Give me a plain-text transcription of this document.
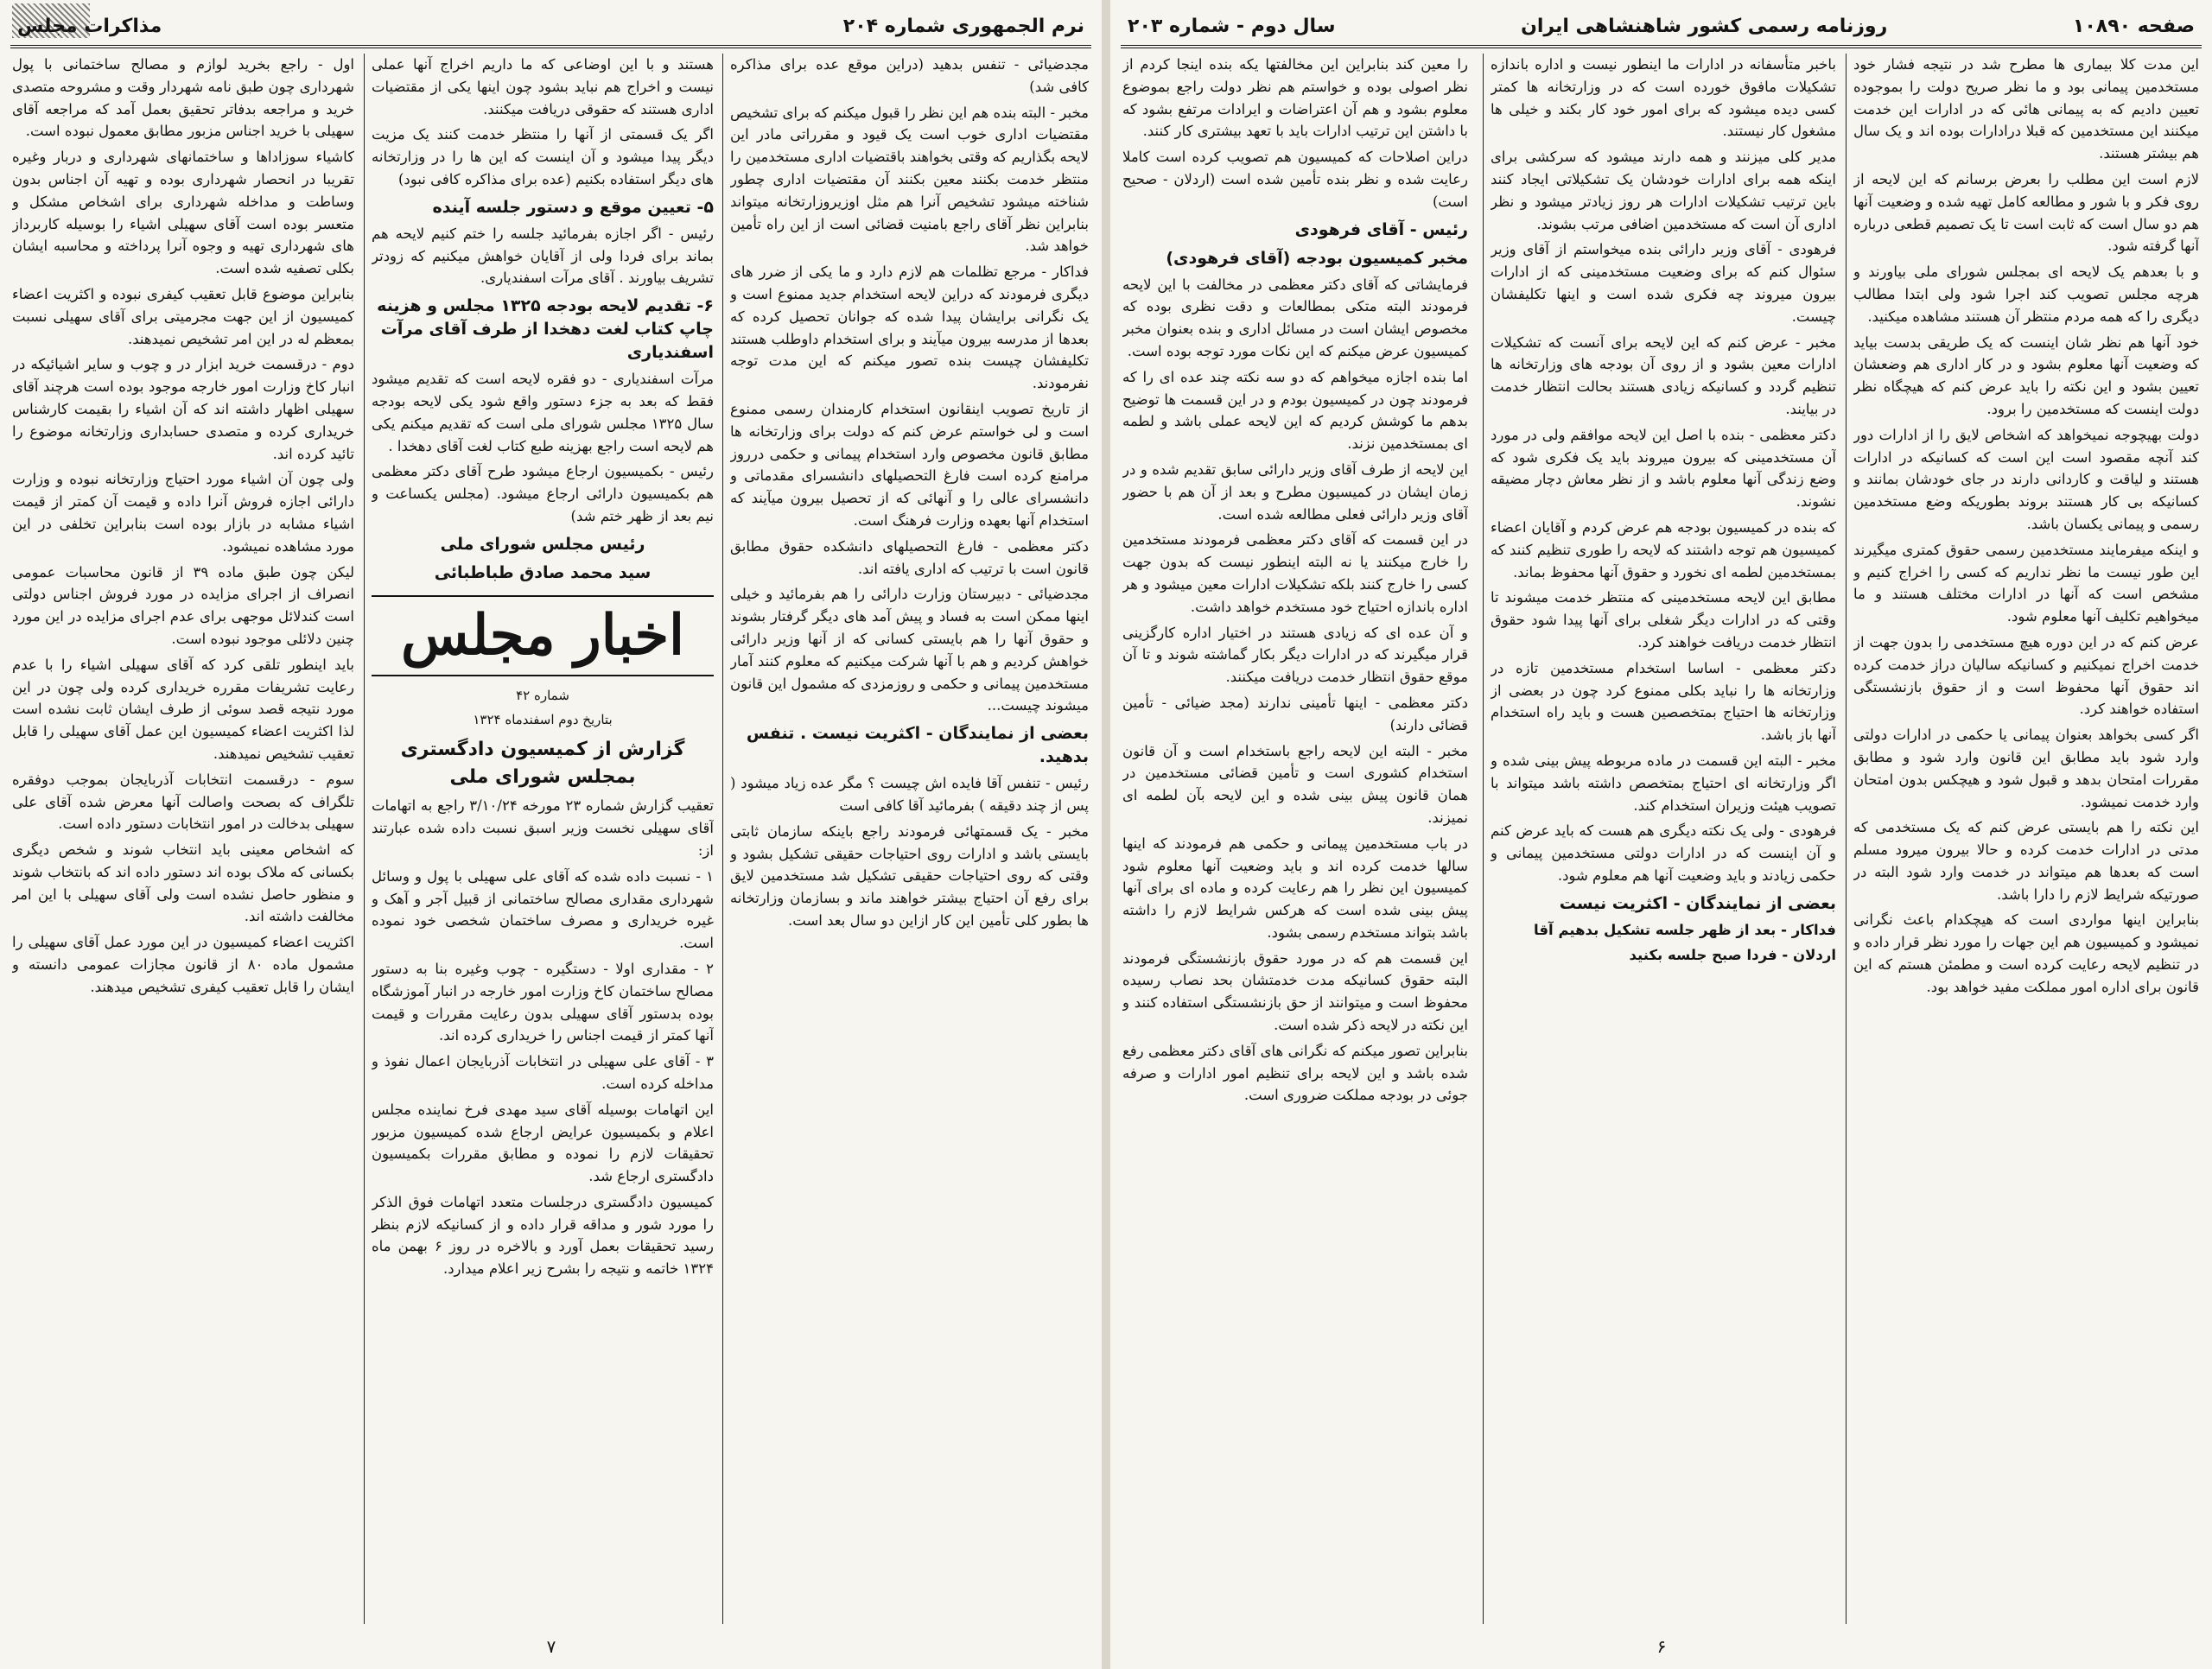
نرم الجمهوری شماره ۲۰۴
مذاکرات مجلس

مجدضیائی - تنفس بدهید (دراین موقع عده برای مذاکره کافی شد)

مخبر - البته بنده هم این نظر را قبول میکنم که برای تشخیص مقتضیات اداری خوب است یک قیود و مقرراتی مادر این لایحه بگذاریم که وقتی بخواهند باقتضیات اداری مستخدمین را منتظر خدمت بکنند معین بکنند آن مقتضیات اداری چطور شناخته میشود تشخیص آنرا هم مثل اوزیروزارتخانه میتواند بنابراین نظر آقای راجع بامنیت قضائی است از این راه تأمین خواهد شد.

فداکار - مرجع تظلمات هم لازم دارد و ما یکی از ضرر های دیگری فرمودند که دراین لایحه استخدام جدید ممنوع است و یک نگرانی برایشان پیدا شده که جوانان تحصیل کرده که بعدها از مدرسه بیرون میآیند و برای استخدام داوطلب هستند تکلیفشان چیست بنده تصور میکنم که این مدت توجه نفرمودند.

از تاریخ تصویب اینقانون استخدام کارمندان رسمی ممنوع است و لی خواستم عرض کنم که دولت برای وزارتخانه ها مطابق قانون مخصوص وارد استخدام پیمانی و حکمی درروز مرامنع کرده است فارغ التحصیلهای دانشسرای مقدماتی و دانشسرای عالی را و آنهائی که از تحصیل بیرون میآیند که استخدام آنها بعهده وزارت فرهنگ است.

دکتر معظمی - فارغ التحصیلهای دانشکده حقوق مطابق قانون است با ترتیب که اداری یافته اند.

مجدضیائی - دبیرستان وزارت دارائی را هم بفرمائید و خیلی اینها ممکن است به فساد و پیش آمد های دیگر گرفتار بشوند و حقوق آنها را هم بایستی کسانی که از آنها وزیر دارائی خواهش کردیم و هم با آنها شرکت میکنیم که معلوم کنند آمار مستخدمین پیمانی و حکمی و روزمزدی که مشمول این قانون میشوند چیست...

بعضی از نمایندگان - اکثریت نیست . تنفس بدهید.

رئیس - تنفس آقا فایده اش چیست ؟ مگر عده زیاد میشود ( پس از چند دقیقه ) بفرمائید آقا کافی است

مخبر - یک قسمتهائی فرمودند راجع باینکه سازمان ثابتی بایستی باشد و ادارات روی احتیاجات حقیقی تشکیل بشود و وقتی که روی احتیاجات حقیقی تشکیل شد مستخدمین لایق برای رفع آن احتیاج بیشتر خواهند ماند و بسازمان وزارتخانه ها بطور کلی تأمین این کار ازاین دو سال بعد است.

هستند و با این اوضاعی که ما داریم اخراج آنها عملی نیست و اخراج هم نباید بشود چون اینها یکی از مقتضیات اداری هستند که حقوقی دریافت میکنند.

اگر یک قسمتی از آنها را منتظر خدمت کنند یک مزیت دیگر پیدا میشود و آن اینست که این ها را در وزارتخانه های دیگر استفاده بکنیم (عده برای مذاکره کافی نبود)

۵- تعیین موقع و دستور جلسه آینده

رئیس - اگر اجازه بفرمائید جلسه را ختم کنیم لایحه هم بماند برای فردا ولی از آقایان خواهش میکنیم که زودتر تشریف بیاورند . آقای مرآت اسفندیاری.

۶- تقدیم لایحه بودجه ۱۳۲۵ مجلس و هزینه چاپ کتاب لغت دهخدا از طرف آقای مرآت اسفندیاری

مرآت اسفندیاری - دو فقره لایحه است که تقدیم میشود فقط که بعد به جزء دستور واقع شود یکی لایحه بودجه سال ۱۳۲۵ مجلس شورای ملی است که تقدیم میکنم یکی هم لایحه است راجع بهزینه طبع کتاب لغت آقای دهخدا .

رئیس - بکمیسیون ارجاع میشود طرح آقای دکتر معظمی هم بکمیسیون دارائی ارجاع میشود. (مجلس یکساعت و نیم بعد از ظهر ختم شد)

رئیس مجلس شورای ملی
سید محمد صادق طباطبائی
اخبار مجلس
شماره ۴۲
بتاریخ دوم اسفندماه ۱۳۲۴
گزارش از کمیسیون دادگستری بمجلس شورای ملی

تعقیب گزارش شماره ۲۳ مورخه ۳/۱۰/۲۴ راجع به اتهامات آقای سهیلی نخست وزیر اسبق نسبت داده شده عبارتند از:

۱ - نسبت داده شده که آقای علی سهیلی با پول و وسائل شهرداری مقداری مصالح ساختمانی از قبیل آجر و آهک و غیره خریداری و مصرف ساختمان شخصی خود نموده است.

۲ - مقداری اولا - دستگیره - چوب وغیره بنا به دستور مصالح ساختمان کاخ وزارت امور خارجه در انبار آموزشگاه بوده بدستور آقای سهیلی بدون رعایت مقررات و قیمت آنها کمتر از قیمت اجناس را خریداری کرده اند.

۳ - آقای علی سهیلی در انتخابات آذربایجان اعمال نفوذ و مداخله کرده است.

این اتهامات بوسیله آقای سید مهدی فرخ نماینده مجلس اعلام و بکمیسیون عرایض ارجاع شده کمیسیون مزبور تحقیقات لازم را نموده و مطابق مقررات بکمیسیون دادگستری ارجاع شد.

کمیسیون دادگستری درجلسات متعدد اتهامات فوق الذکر را مورد شور و مداقه قرار داده و از کسانیکه لازم بنظر رسید تحقیقات بعمل آورد و بالاخره در روز ۶ بهمن ماه ۱۳۲۴ خاتمه و نتیجه را بشرح زیر اعلام میدارد.

اول - راجع بخرید لوازم و مصالح ساختمانی با پول شهرداری چون طبق نامه شهردار وقت و مشروحه متصدی خرید و مراجعه بدفاتر تحقیق بعمل آمد که مراجعه آقای سهیلی با خرید اجناس مزبور مطابق معمول نبوده است.

کاشیاء سوزاداها و ساختمانهای شهرداری و دربار وغیره تقریبا در انحصار شهرداری بوده و تهیه آن اجناس بدون وساطت و مداخله شهرداری برای اشخاص مشکل و متعسر بوده است آقای سهیلی اشیاء را بوسیله کاربرداز های شهرداری تهیه و وجوه آنرا پرداخته و محاسبه ایشان بکلی تصفیه شده است.

بنابراین موضوع قابل تعقیب کیفری نبوده و اکثریت اعضاء کمیسیون از این جهت مجرمیتی برای آقای سهیلی نسبت بمعظم له در این امر تشخیص نمیدهند.

دوم - درقسمت خرید ابزار در و چوب و سایر اشیائیکه در انبار کاخ وزارت امور خارجه موجود بوده است هرچند آقای سهیلی اظهار داشته اند که آن اشیاء را بقیمت کارشناس خریداری کرده و متصدی حسابداری وزارتخانه موضوع را تائید کرده اند.

ولی چون آن اشیاء مورد احتیاج وزارتخانه نبوده و وزارت دارائی اجازه فروش آنرا داده و قیمت آن کمتر از قیمت اشیاء مشابه در بازار بوده است بنابراین تخلفی در این مورد مشاهده نمیشود.

لیکن چون طبق ماده ۳۹ از قانون محاسبات عمومی انصراف از اجرای مزایده در مورد فروش اجناس دولتی است کندلائل موجهی برای عدم اجرای مزایده در این مورد چنین دلائلی موجود نبوده است.

باید اینطور تلقی کرد که آقای سهیلی اشیاء را با عدم رعایت تشریفات مقرره خریداری کرده ولی چون در این مورد نتیجه قصد سوئی از طرف ایشان ثابت نشده است لذا اکثریت اعضاء کمیسیون این عمل آقای سهیلی را قابل تعقیب تشخیص نمیدهند.

سوم - درقسمت انتخابات آذربایجان بموجب دوفقره تلگراف که بصحت واصالت آنها معرض شده آقای علی سهیلی بدخالت در امور انتخابات دستور داده است.

که اشخاص معینی باید انتخاب شوند و شخص دیگری بکسانی که ملاک بوده اند دستور داده اند که بانتخاب شوند و منظور حاصل نشده است ولی آقای سهیلی با این امر مخالفت داشته اند.

اکثریت اعضاء کمیسیون در این مورد عمل آقای سهیلی را مشمول ماده ۸۰ از قانون مجازات عمومی دانسته و ایشان را قابل تعقیب کیفری تشخیص میدهند.

۷
صفحه ۱۰۸۹۰
روزنامه رسمی کشور شاهنشاهی ایران
سال دوم - شماره ۲۰۳

این مدت کلا بیماری ها مطرح شد در نتیجه فشار خود مستخدمین پیمانی بود و ما نظر صریح دولت را بموجوده تعیین دادیم که به پیمانی هائی که در ادارات این خدمت میکنند این مستخدمین که قبلا درادارات بوده اند و یک سال هم بیشتر هستند.

لازم است این مطلب را بعرض برسانم که این لایحه از روی فکر و با شور و مطالعه کامل تهیه شده و وضعیت آنها هم دو سال است که ثابت است تا یک تصمیم قطعی درباره آنها گرفته شود.

و با بعدهم یک لایحه ای بمجلس شورای ملی بیاورند و هرچه مجلس تصویب کند اجرا شود ولی ابتدا مطالب دیگری را که همه مردم منتظر آن هستند مشاهده میکنید.

خود آنها هم نظر شان اینست که یک طریقی بدست بیاید که وضعیت آنها معلوم بشود و در کار اداری هم وضعشان تعیین بشود و این نکته را باید عرض کنم که هیچگاه نظر دولت اینست که مستخدمین را برود.

دولت بهیچوجه نمیخواهد که اشخاص لایق را از ادارات دور کند آنچه مقصود است این است که کسانیکه در ادارات هستند و لیاقت و کاردانی دارند در جای خودشان بمانند و کسانیکه بی کار هستند بروند بطوریکه وضع مستخدمین رسمی و پیمانی یکسان باشد.

و اینکه میفرمایند مستخدمین رسمی حقوق کمتری میگیرند این طور نیست ما نظر نداریم که کسی را اخراج کنیم و مشخص است که آنها در ادارات مختلف هستند و ما میخواهیم تکلیف آنها معلوم شود.

عرض کنم که در این دوره هیچ مستخدمی را بدون جهت از خدمت اخراج نمیکنیم و کسانیکه سالیان دراز خدمت کرده اند حقوق آنها محفوظ است و از حقوق بازنشستگی استفاده خواهند کرد.

اگر کسی بخواهد بعنوان پیمانی یا حکمی در ادارات دولتی وارد شود باید مطابق این قانون وارد شود و مطابق مقررات امتحان بدهد و قبول شود و هیچکس بدون امتحان وارد خدمت نمیشود.

این نکته را هم بایستی عرض کنم که یک مستخدمی که مدتی در ادارات خدمت کرده و حالا بیرون میرود مسلم است که بعدها هم میتواند در خدمت وارد شود البته در صورتیکه شرایط لازم را دارا باشد.

بنابراین اینها مواردی است که هیچکدام باعث نگرانی نمیشود و کمیسیون هم این جهات را مورد نظر قرار داده و در تنظیم لایحه رعایت کرده است و مطمئن هستم که این قانون برای اداره امور مملکت مفید خواهد بود.

باخبر متأسفانه در ادارات ما اینطور نیست و اداره باندازه تشکیلات مافوق خورده است که در وزارتخانه ها کمتر کسی دیده میشود که برای امور خود کار بکند و خیلی ها مشغول کار نیستند.

مدیر کلی میزنند و همه دارند میشود که سرکشی برای اینکه همه برای ادارات خودشان یک تشکیلاتی ایجاد کنند باین ترتیب تشکیلات ادارات هر روز زیادتر میشود و نظر اداری آن است که مستخدمین اضافی مرتب بشوند.

فرهودی - آقای وزیر دارائی بنده میخواستم از آقای وزیر سئوال کنم که برای وضعیت مستخدمینی که از ادارات بیرون میروند چه فکری شده است و اینها تکلیفشان چیست.

مخبر - عرض کنم که این لایحه برای آنست که تشکیلات ادارات معین بشود و از روی آن بودجه های وزارتخانه ها تنظیم گردد و کسانیکه زیادی هستند بحالت انتظار خدمت در بیایند.

دکتر معظمی - بنده با اصل این لایحه موافقم ولی در مورد آن مستخدمینی که بیرون میروند باید یک فکری شود که وضع زندگی آنها معلوم باشد و از نظر معاش دچار مضیقه نشوند.

که بنده در کمیسیون بودجه هم عرض کردم و آقایان اعضاء کمیسیون هم توجه داشتند که لایحه را طوری تنظیم کنند که بمستخدمین لطمه ای نخورد و حقوق آنها محفوظ بماند.

مطابق این لایحه مستخدمینی که منتظر خدمت میشوند تا وقتی که در ادارات دیگر شغلی برای آنها پیدا شود حقوق انتظار خدمت دریافت خواهند کرد.

دکتر معظمی - اساسا استخدام مستخدمین تازه در وزارتخانه ها را نباید بکلی ممنوع کرد چون در بعضی از وزارتخانه ها احتیاج بمتخصصین هست و باید راه استخدام آنها باز باشد.

مخبر - البته این قسمت در ماده مربوطه پیش بینی شده و اگر وزارتخانه ای احتیاج بمتخصص داشته باشد میتواند با تصویب هیئت وزیران استخدام کند.

فرهودی - ولی یک نکته دیگری هم هست که باید عرض کنم و آن اینست که در ادارات دولتی مستخدمین پیمانی و حکمی زیادند و باید وضعیت آنها هم معلوم شود.

بعضی از نمایندگان - اکثریت نیست

فداکار - بعد از ظهر جلسه تشکیل بدهیم آقا

اردلان - فردا صبح جلسه بکنید

را معین کند بنابراین این مخالفتها یکه بنده اینجا کردم از نظر اصولی بوده و خواستم هم نظر دولت راجع بموضوع معلوم بشود و هم آن اعتراضات و ایرادات مرتفع بشود که با داشتن این ترتیب ادارات باید با تعهد بیشتری کار کنند.

دراین اصلاحات که کمیسیون هم تصویب کرده است کاملا رعایت شده و نظر بنده تأمین شده است (اردلان - صحیح است)

رئیس - آقای فرهودی
مخبر کمیسیون بودجه (آقای فرهودی)

فرمایشاتی که آقای دکتر معظمی در مخالفت با این لایحه فرمودند البته متکی بمطالعات و دقت نظری بوده که مخصوص ایشان است در مسائل اداری و بنده بعنوان مخبر کمیسیون عرض میکنم که این نکات مورد توجه بوده است.

اما بنده اجازه میخواهم که دو سه نکته چند عده ای را که فرمودند چون در کمیسیون بودم و در این قسمت ها توضیح بدهم ما کوشش کردیم که این لایحه عملی باشد و لطمه ای بمستخدمین نزند.

این لایحه از طرف آقای وزیر دارائی سابق تقدیم شده و در زمان ایشان در کمیسیون مطرح و بعد از آن هم با حضور آقای وزیر دارائی فعلی مطالعه شده است.

در این قسمت که آقای دکتر معظمی فرمودند مستخدمین را خارج میکنند یا نه البته اینطور نیست که بدون جهت کسی را خارج کنند بلکه تشکیلات ادارات معین میشود و هر اداره باندازه احتیاج خود مستخدم خواهد داشت.

و آن عده ای که زیادی هستند در اختیار اداره کارگزینی قرار میگیرند که در ادارات دیگر بکار گماشته شوند و تا آن موقع حقوق انتظار خدمت دریافت میکنند.

دکتر معظمی - اینها تأمینی ندارند (مجد ضیائی - تأمین قضائی دارند)

مخبر - البته این لایحه راجع باستخدام است و آن قانون استخدام کشوری است و تأمین قضائی مستخدمین در همان قانون پیش بینی شده و این لایحه بآن لطمه ای نمیزند.

در باب مستخدمین پیمانی و حکمی هم فرمودند که اینها سالها خدمت کرده اند و باید وضعیت آنها معلوم شود کمیسیون این نظر را هم رعایت کرده و ماده ای برای آنها پیش بینی شده است که هرکس شرایط لازم را داشته باشد بتواند مستخدم رسمی بشود.

این قسمت هم که در مورد حقوق بازنشستگی فرمودند البته حقوق کسانیکه مدت خدمتشان بحد نصاب رسیده محفوظ است و میتوانند از حق بازنشستگی استفاده کنند و این نکته در لایحه ذکر شده است.

بنابراین تصور میکنم که نگرانی های آقای دکتر معظمی رفع شده باشد و این لایحه برای تنظیم امور ادارات و صرفه جوئی در بودجه مملکت ضروری است.

۶
